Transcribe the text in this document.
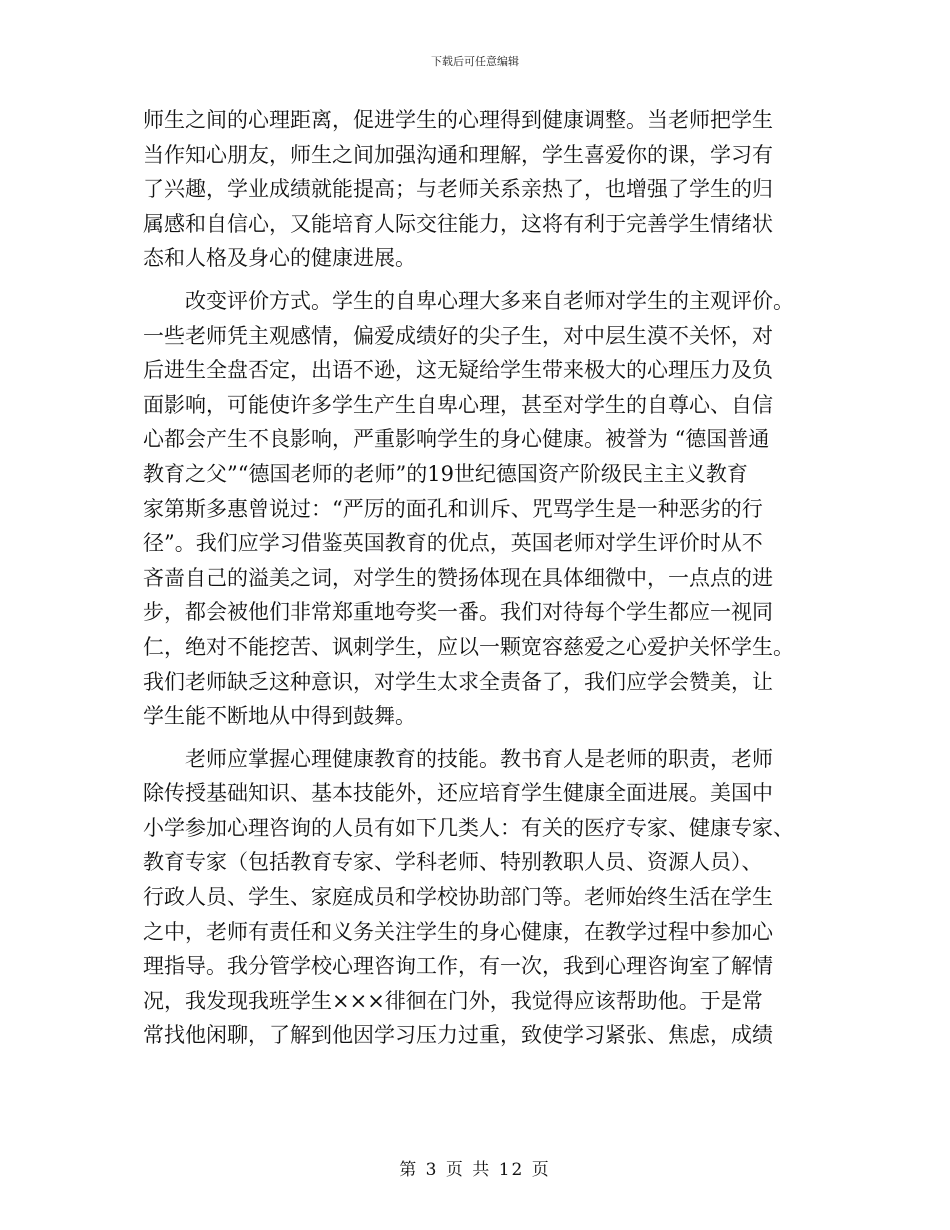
下载后可任意编辑
师生之间的心理距离，促进学生的心理得到健康调整。当老师把学生
当作知心朋友，师生之间加强沟通和理解，学生喜爱你的课，学习有
了兴趣，学业成绩就能提高；与老师关系亲热了，也增强了学生的归
属感和自信心，又能培育人际交往能力，这将有利于完善学生情绪状
态和人格及身心的健康进展。
改变评价方式。学生的自卑心理大多来自老师对学生的主观评价。
一些老师凭主观感情，偏爱成绩好的尖子生，对中层生漠不关怀，对
后进生全盘否定，出语不逊，这无疑给学生带来极大的心理压力及负
面影响，可能使许多学生产生自卑心理，甚至对学生的自尊心、自信
心都会产生不良影响，严重影响学生的身心健康。被誉为 “德国普通
教育之父”“德国老师的老师”的19世纪德国资产阶级民主主义教育
家第斯多惠曾说过：“严厉的面孔和训斥、咒骂学生是一种恶劣的行
径”。我们应学习借鉴英国教育的优点，英国老师对学生评价时从不
吝啬自己的溢美之词，对学生的赞扬体现在具体细微中，一点点的进
步，都会被他们非常郑重地夸奖一番。我们对待每个学生都应一视同
仁，绝对不能挖苦、讽刺学生，应以一颗宽容慈爱之心爱护关怀学生。
我们老师缺乏这种意识，对学生太求全责备了，我们应学会赞美，让
学生能不断地从中得到鼓舞。
老师应掌握心理健康教育的技能。教书育人是老师的职责，老师
除传授基础知识、基本技能外，还应培育学生健康全面进展。美国中
小学参加心理咨询的人员有如下几类人：有关的医疗专家、健康专家、
教育专家（包括教育专家、学科老师、特别教职人员、资源人员）、
行政人员、学生、家庭成员和学校协助部门等。老师始终生活在学生
之中，老师有责任和义务关注学生的身心健康，在教学过程中参加心
理指导。我分管学校心理咨询工作，有一次，我到心理咨询室了解情
况，我发现我班学生×××徘徊在门外，我觉得应该帮助他。于是常
常找他闲聊，了解到他因学习压力过重，致使学习紧张、焦虑，成绩
第 3 页 共 12 页
